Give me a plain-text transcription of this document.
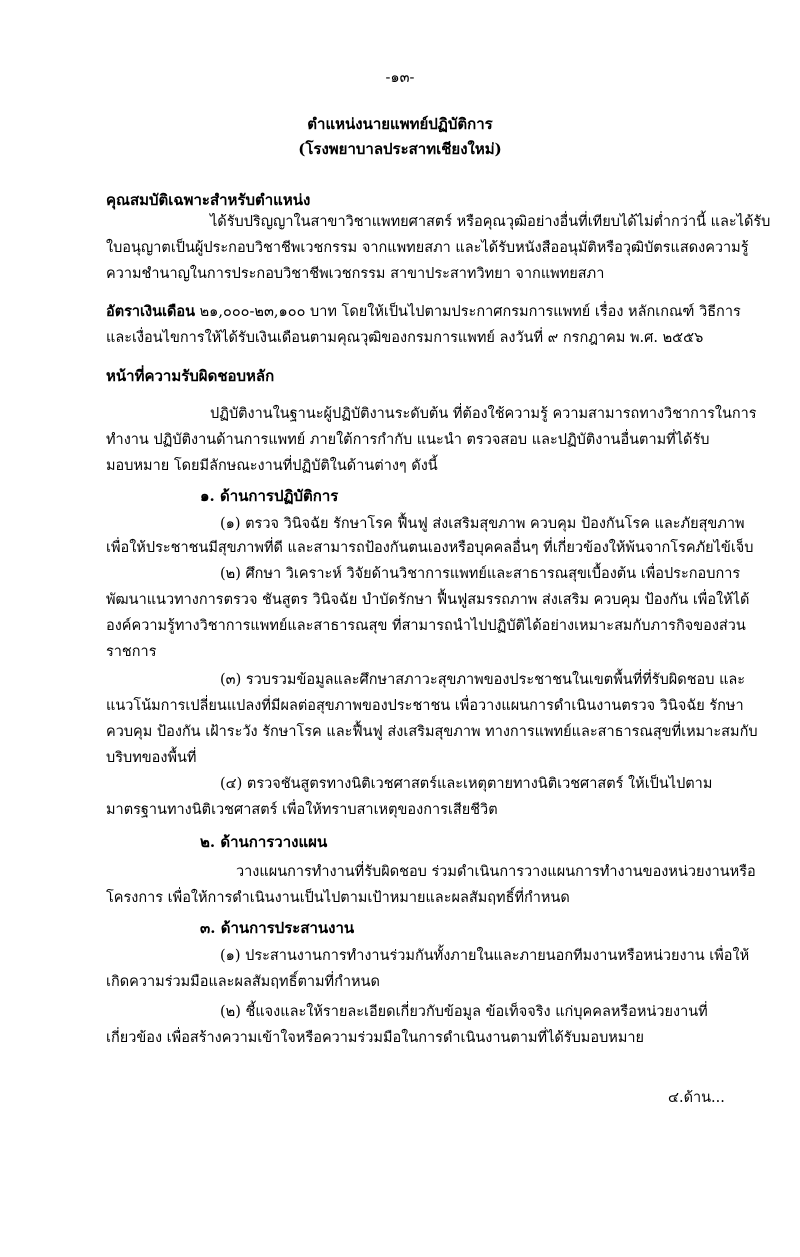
-๑๓-
ตำแหน่งนายแพทย์ปฏิบัติการ
(โรงพยาบาลประสาทเชียงใหม่)
คุณสมบัติเฉพาะสำหรับตำแหน่ง
ได้รับปริญญาในสาขาวิชาแพทยศาสตร์ หรือคุณวุฒิอย่างอื่นที่เทียบได้ไม่ต่ำกว่านี้ และได้รับ
ใบอนุญาตเป็นผู้ประกอบวิชาชีพเวชกรรม จากแพทยสภา และได้รับหนังสืออนุมัติหรือวุฒิบัตรแสดงความรู้
ความชำนาญในการประกอบวิชาชีพเวชกรรม สาขาประสาทวิทยา จากแพทยสภา
อัตราเงินเดือน ๒๑,๐๐๐-๒๓,๑๐๐ บาท โดยให้เป็นไปตามประกาศกรมการแพทย์ เรื่อง หลักเกณฑ์ วิธีการ
และเงื่อนไขการให้ได้รับเงินเดือนตามคุณวุฒิของกรมการแพทย์ ลงวันที่ ๙ กรกฎาคม พ.ศ. ๒๕๕๖
หน้าที่ความรับผิดชอบหลัก
ปฏิบัติงานในฐานะผู้ปฏิบัติงานระดับต้น ที่ต้องใช้ความรู้ ความสามารถทางวิชาการในการ
ทำงาน ปฏิบัติงานด้านการแพทย์ ภายใต้การกำกับ แนะนำ ตรวจสอบ และปฏิบัติงานอื่นตามที่ได้รับ
มอบหมาย โดยมีลักษณะงานที่ปฏิบัติในด้านต่างๆ ดังนี้
๑. ด้านการปฏิบัติการ
(๑) ตรวจ วินิจฉัย รักษาโรค ฟื้นฟู ส่งเสริมสุขภาพ ควบคุม ป้องกันโรค และภัยสุขภาพ
เพื่อให้ประชาชนมีสุขภาพที่ดี และสามารถป้องกันตนเองหรือบุคคลอื่นๆ ที่เกี่ยวข้องให้พ้นจากโรคภัยไข้เจ็บ
(๒) ศึกษา วิเคราะห์ วิจัยด้านวิชาการแพทย์และสาธารณสุขเบื้องต้น เพื่อประกอบการ
พัฒนาแนวทางการตรวจ ชันสูตร วินิจฉัย บำบัดรักษา ฟื้นฟูสมรรถภาพ ส่งเสริม ควบคุม ป้องกัน เพื่อให้ได้
องค์ความรู้ทางวิชาการแพทย์และสาธารณสุข ที่สามารถนำไปปฏิบัติได้อย่างเหมาะสมกับภารกิจของส่วน
ราชการ
(๓) รวบรวมข้อมูลและศึกษาสภาวะสุขภาพของประชาชนในเขตพื้นที่ที่รับผิดชอบ และ
แนวโน้มการเปลี่ยนแปลงที่มีผลต่อสุขภาพของประชาชน เพื่อวางแผนการดำเนินงานตรวจ วินิจฉัย รักษา
ควบคุม ป้องกัน เฝ้าระวัง รักษาโรค และฟื้นฟู ส่งเสริมสุขภาพ ทางการแพทย์และสาธารณสุขที่เหมาะสมกับ
บริบทของพื้นที่
(๔) ตรวจชันสูตรทางนิติเวชศาสตร์และเหตุตายทางนิติเวชศาสตร์ ให้เป็นไปตาม
มาตรฐานทางนิติเวชศาสตร์ เพื่อให้ทราบสาเหตุของการเสียชีวิต
๒. ด้านการวางแผน
วางแผนการทำงานที่รับผิดชอบ ร่วมดำเนินการวางแผนการทำงานของหน่วยงานหรือ
โครงการ เพื่อให้การดำเนินงานเป็นไปตามเป้าหมายและผลสัมฤทธิ์ที่กำหนด
๓. ด้านการประสานงาน
(๑) ประสานงานการทำงานร่วมกันทั้งภายในและภายนอกทีมงานหรือหน่วยงาน เพื่อให้
เกิดความร่วมมือและผลสัมฤทธิ์ตามที่กำหนด
(๒) ชี้แจงและให้รายละเอียดเกี่ยวกับข้อมูล ข้อเท็จจริง แก่บุคคลหรือหน่วยงานที่
เกี่ยวข้อง เพื่อสร้างความเข้าใจหรือความร่วมมือในการดำเนินงานตามที่ได้รับมอบหมาย
๔.ด้าน...
